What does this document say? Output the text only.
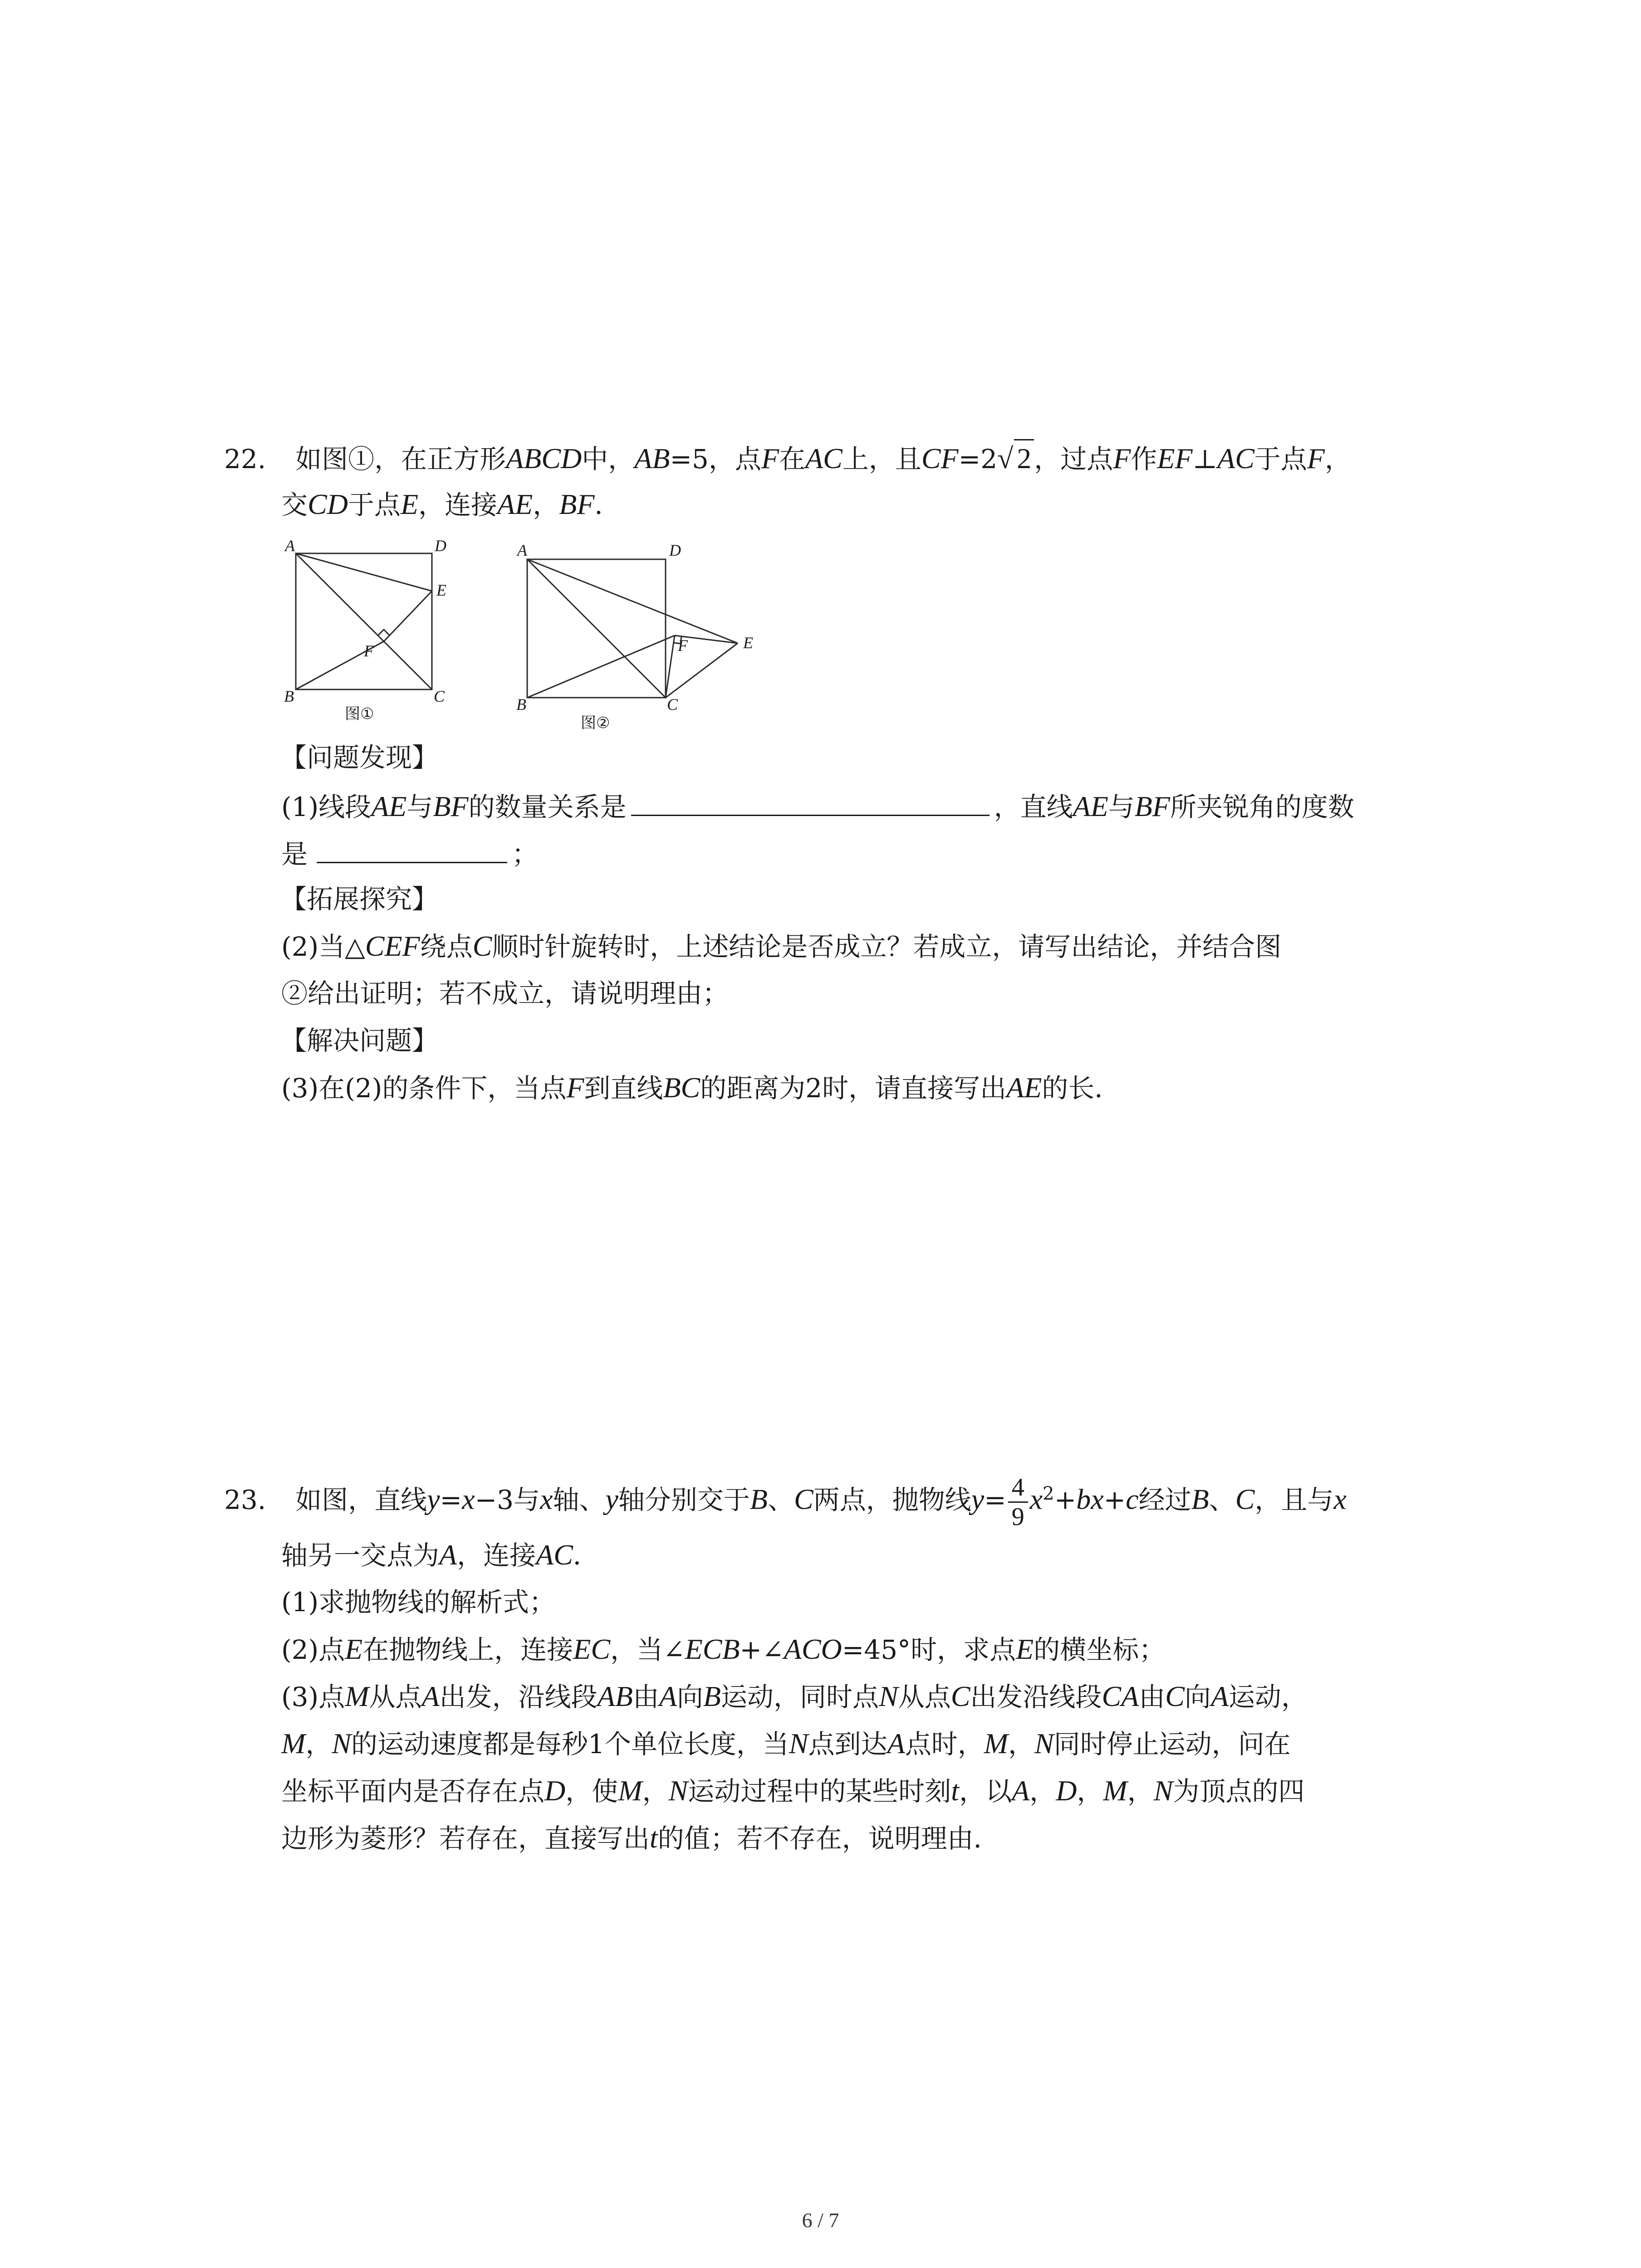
22. 如图①，在正方形ABCD中，AB=5，点F在AC上，且CF=2√ 2 ，过点F作EF⊥AC于点F，
交CD于点E，连接AE，BF．
A	D
E
F
B	C
图①
A	D
F	E
B	C
图②
【问题发现】
(1)线段AE与BF的数量关系是	，直线AE与BF所夹锐角的度数
是	；
【拓展探究】
(2)当△CEF绕点C顺时针旋转时，上述结论是否成立？若成立，请写出结论，并结合图
②给出证明；若不成立，请说明理由；
【解决问题】
(3)在(2)的条件下，当点F到直线BC的距离为2时，请直接写出AE的长．
23. 如图，直线y=x−3与x轴、y轴分别交于B、C两点，抛物线$y= \frac{4}{9} x^2+bx+c$经过B、C，且与x
轴另一交点为A，连接AC．
(1)求抛物线的解析式；
(2)点E在抛物线上，连接EC，当∠ECB+∠ACO=45°时，求点E的横坐标；
(3)点M从点A出发，沿线段AB由A向B运动，同时点N从点C出发沿线段CA由C向A运动，
M，N的运动速度都是每秒1个单位长度，当N点到达A点时，M，N同时停止运动，问在
坐标平面内是否存在点D，使M，N运动过程中的某些时刻t，以A，D，M，N为顶点的四
边形为菱形？若存在，直接写出t的值；若不存在，说明理由．
6 / 7
